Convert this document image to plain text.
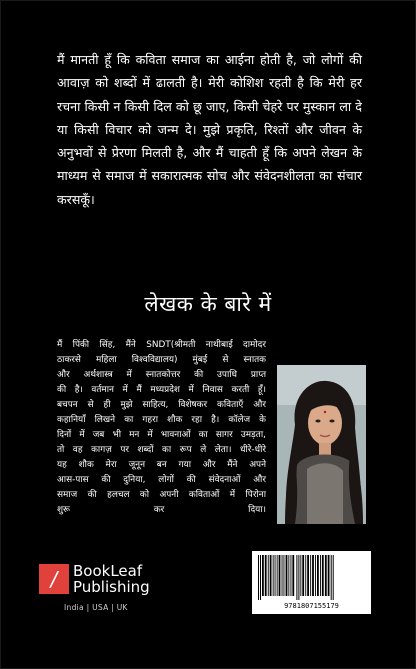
मैं मानती हूँ कि कविता समाज का आईना होती है, जो लोगों की आवाज़ को शब्दों में ढालती है। मेरी कोशिश रहती है कि मेरी हर रचना किसी न किसी दिल को छू जाए, किसी चेहरे पर मुस्कान ला दे या किसी विचार को जन्म दे। मुझे प्रकृति, रिश्तों और जीवन के अनुभवों से प्रेरणा मिलती है, और मैं चाहती हूँ कि अपने लेखन के माध्यम से समाज में सकारात्मक सोच और संवेदनशीलता का संचार करसकूँ।

लेखक के बारे में
मैं पिंकी सिंह, मैंने SNDT(श्रीमती नाथीबाई दामोदर
ठाकरसे महिला विश्वविद्यालय) मुंबई से स्नातक
और अर्थशास्त्र में स्नातकोत्तर की उपाधि प्राप्त
की है। वर्तमान में मैं मध्यप्रदेश में निवास करती हूँ।
बचपन से ही मुझे साहित्य, विशेषकर कविताएँ और
कहानियाँ लिखने का गहरा शौक रहा है। कॉलेज के
दिनों में जब भी मन में भावनाओं का सागर उमड़ता,
तो वह कागज़ पर शब्दों का रूप ले लेता। धीरे-धीरे
यह शौक मेरा जूनून बन गया और मैंने अपने
आस-पास की दुनिया, लोगों की संवेदनाओं और
समाज की हलचल को अपनी कविताओं में पिरोना
शुरू कर दिया।
/	BookLeaf
Publishing
India | USA | UK	9781807155179
